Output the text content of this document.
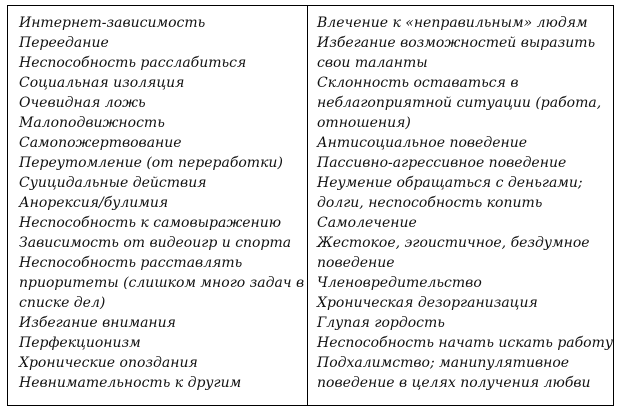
Интернет-зависимость
Переедание
Неспособность расслабиться
Социальная изоляция
Очевидная ложь
Малоподвижность
Самопожертвование
Переутомление (от переработки)
Суицидальные действия
Анорексия/булимия
Неспособность к самовыражению
Зависимость от видеоигр и спорта
Неспособность расставлять
приоритеты (слишком много задач в
списке дел)
Избегание внимания
Перфекционизм
Хронические опоздания
Невнимательность к другим
Влечение к «неправильным» людям
Избегание возможностей выразить
свои таланты
Склонность оставаться в
неблагоприятной ситуации (работа,
отношения)
Антисоциальное поведение
Пассивно-агрессивное поведение
Неумение обращаться с деньгами;
долги, неспособность копить
Самолечение
Жестокое, эгоистичное, бездумное
поведение
Членовредительство
Хроническая дезорганизация
Глупая гордость
Неспособность начать искать работу
Подхалимство; манипулятивное
поведение в целях получения любви
